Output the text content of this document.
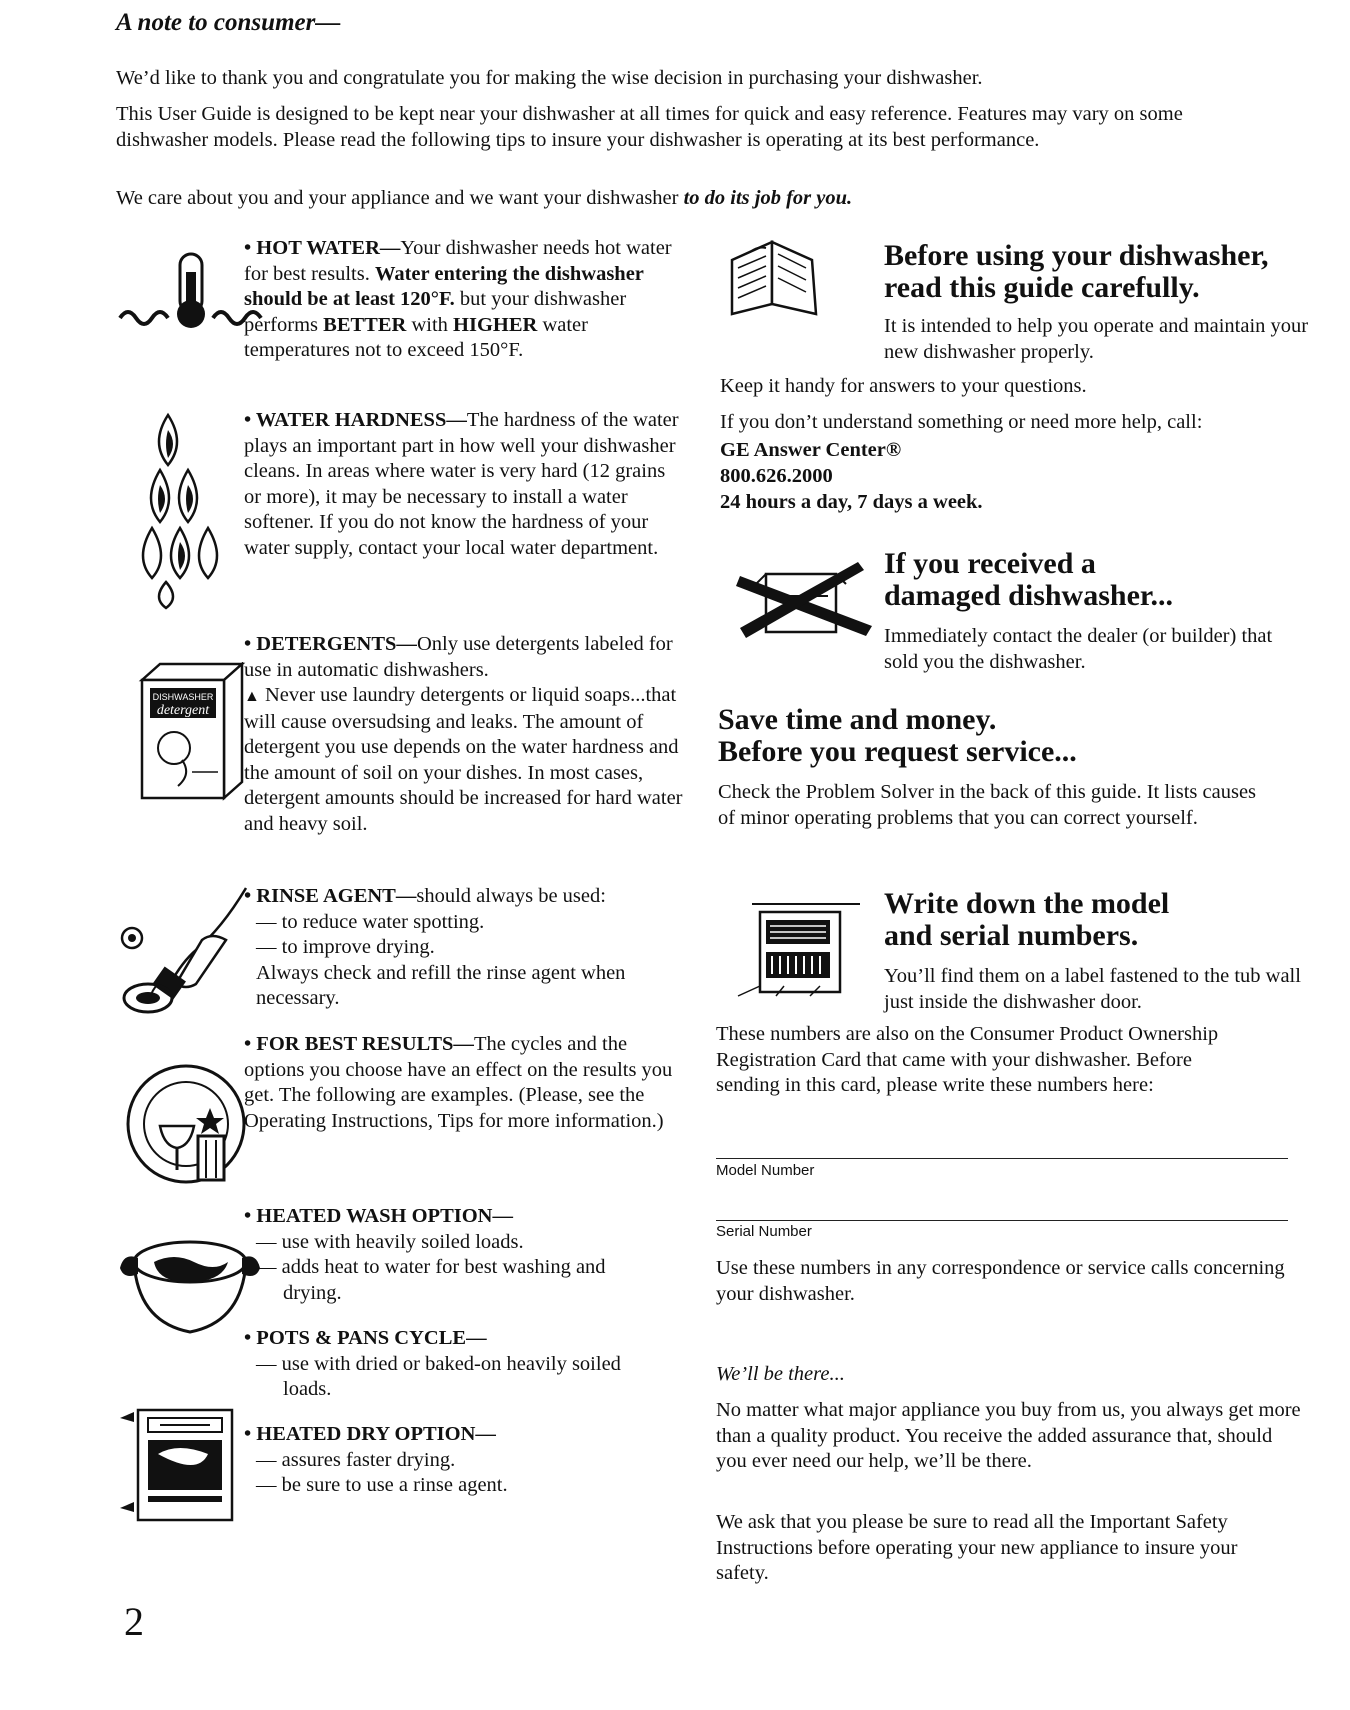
A note to consumer—

We’d like to thank you and congratulate you for making the wise decision in purchasing your dishwasher.

This User Guide is designed to be kept near your dishwasher at all times for quick and easy reference. Features may vary on some dishwasher models. Please read the following tips to insure your dishwasher is operating at its best performance.

We care about you and your appliance and we want your dishwasher to do its job for you.

DISHWASHER
detergent

• HOT WATER—Your dishwasher needs hot water for best results. Water entering the dishwasher should be at least 120°F. but your dishwasher performs BETTER with HIGHER water temperatures not to exceed 150°F.

• WATER HARDNESS—The hardness of the water plays an important part in how well your dishwasher cleans. In areas where water is very hard (12 grains or more), it may be necessary to install a water softener. If you do not know the hardness of your water supply, contact your local water department.

• DETERGENTS—Only use detergents labeled for use in automatic dishwashers.
▲ Never use laundry detergents or liquid soaps...that will cause oversudsing and leaks. The amount of detergent you use depends on the water hardness and the amount of soil on your dishes. In most cases, detergent amounts should be increased for hard water and heavy soil.

• RINSE AGENT—should always be used:

— to reduce water spotting.

— to improve drying.

Always check and refill the rinse agent when necessary.

• FOR BEST RESULTS—The cycles and the options you choose have an effect on the results you get. The following are examples. (Please, see the Operating Instructions, Tips for more information.)

• HEATED WASH OPTION—

— use with heavily soiled loads.

— adds heat to water for best washing and drying.

• POTS & PANS CYCLE—

— use with dried or baked-on heavily soiled loads.

• HEATED DRY OPTION—

— assures faster drying.

— be sure to use a rinse agent.

Before using your dishwasher,

read this guide carefully.

It is intended to help you operate and maintain your new dishwasher properly.

Keep it handy for answers to your questions.

If you don’t understand something or need more help, call:

GE Answer Center®

800.626.2000

24 hours a day, 7 days a week.

If you received a

damaged dishwasher...

Immediately contact the dealer (or builder) that sold you the dishwasher.

Save time and money.

Before you request service...

Check the Problem Solver in the back of this guide. It lists causes of minor operating problems that you can correct yourself.

Write down the model

and serial numbers.

You’ll find them on a label fastened to the tub wall just inside the dishwasher door.

These numbers are also on the Consumer Product Ownership Registration Card that came with your dishwasher. Before sending in this card, please write these numbers here:

Model Number

Serial Number

Use these numbers in any correspondence or service calls concerning your dishwasher.

We’ll be there...

No matter what major appliance you buy from us, you always get more than a quality product. You receive the added assurance that, should you ever need our help, we’ll be there.

We ask that you please be sure to read all the Important Safety Instructions before operating your new appliance to insure your safety.

2
